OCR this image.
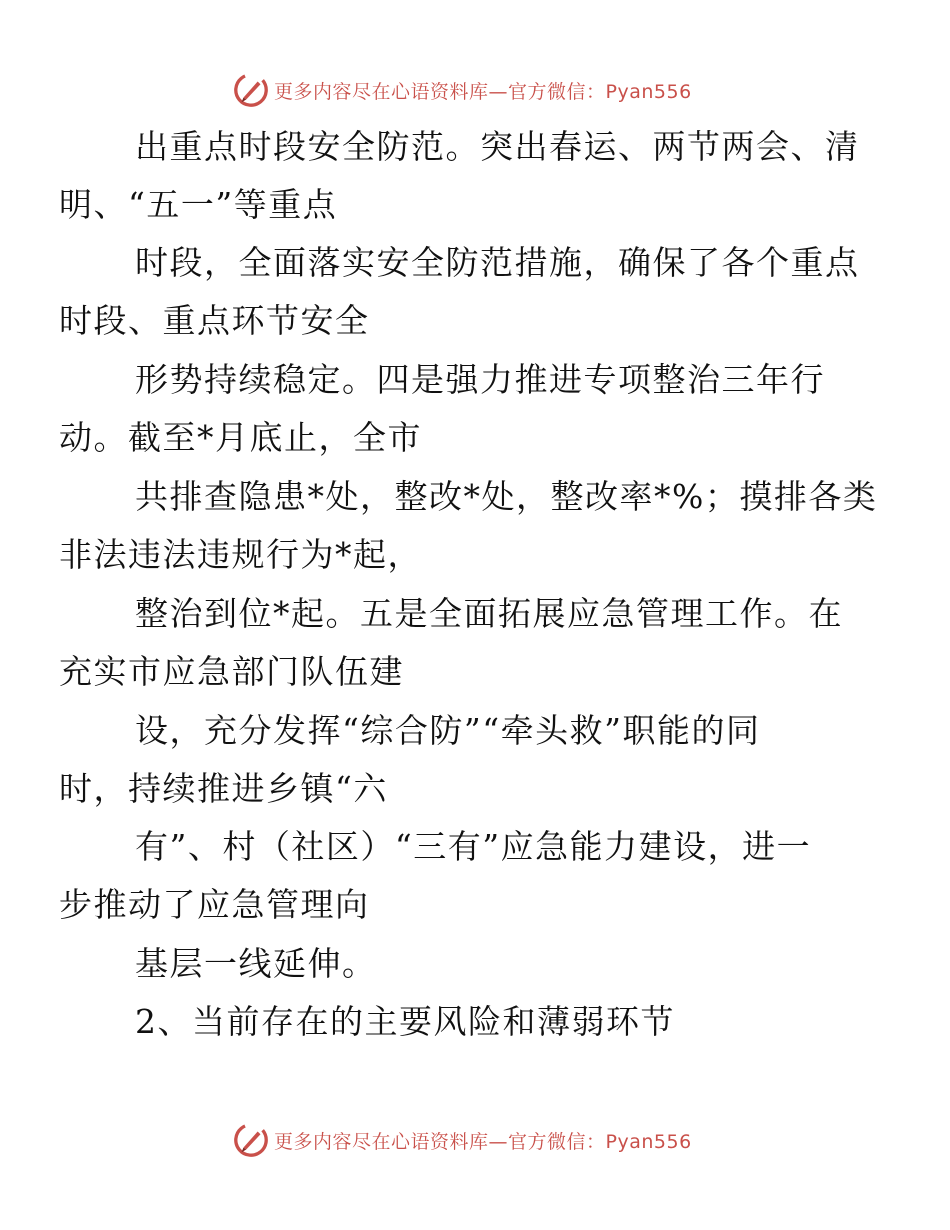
更多内容尽在心语资料库—官方微信：Pyan556

出重点时段安全防范。突出春运、两节两会、清
明、“五一”等重点

时段，全面落实安全防范措施，确保了各个重点
时段、重点环节安全

形势持续稳定。四是强力推进专项整治三年行
动。截至*月底止，全市

共排查隐患*处，整改*处，整改率*%；摸排各类
非法违法违规行为*起，

整治到位*起。五是全面拓展应急管理工作。在
充实市应急部门队伍建

设，充分发挥“综合防”“牵头救”职能的同
时，持续推进乡镇“六

有”、村（社区）“三有”应急能力建设，进一
步推动了应急管理向

基层一线延伸。

2、当前存在的主要风险和薄弱环节

更多内容尽在心语资料库—官方微信：Pyan556
